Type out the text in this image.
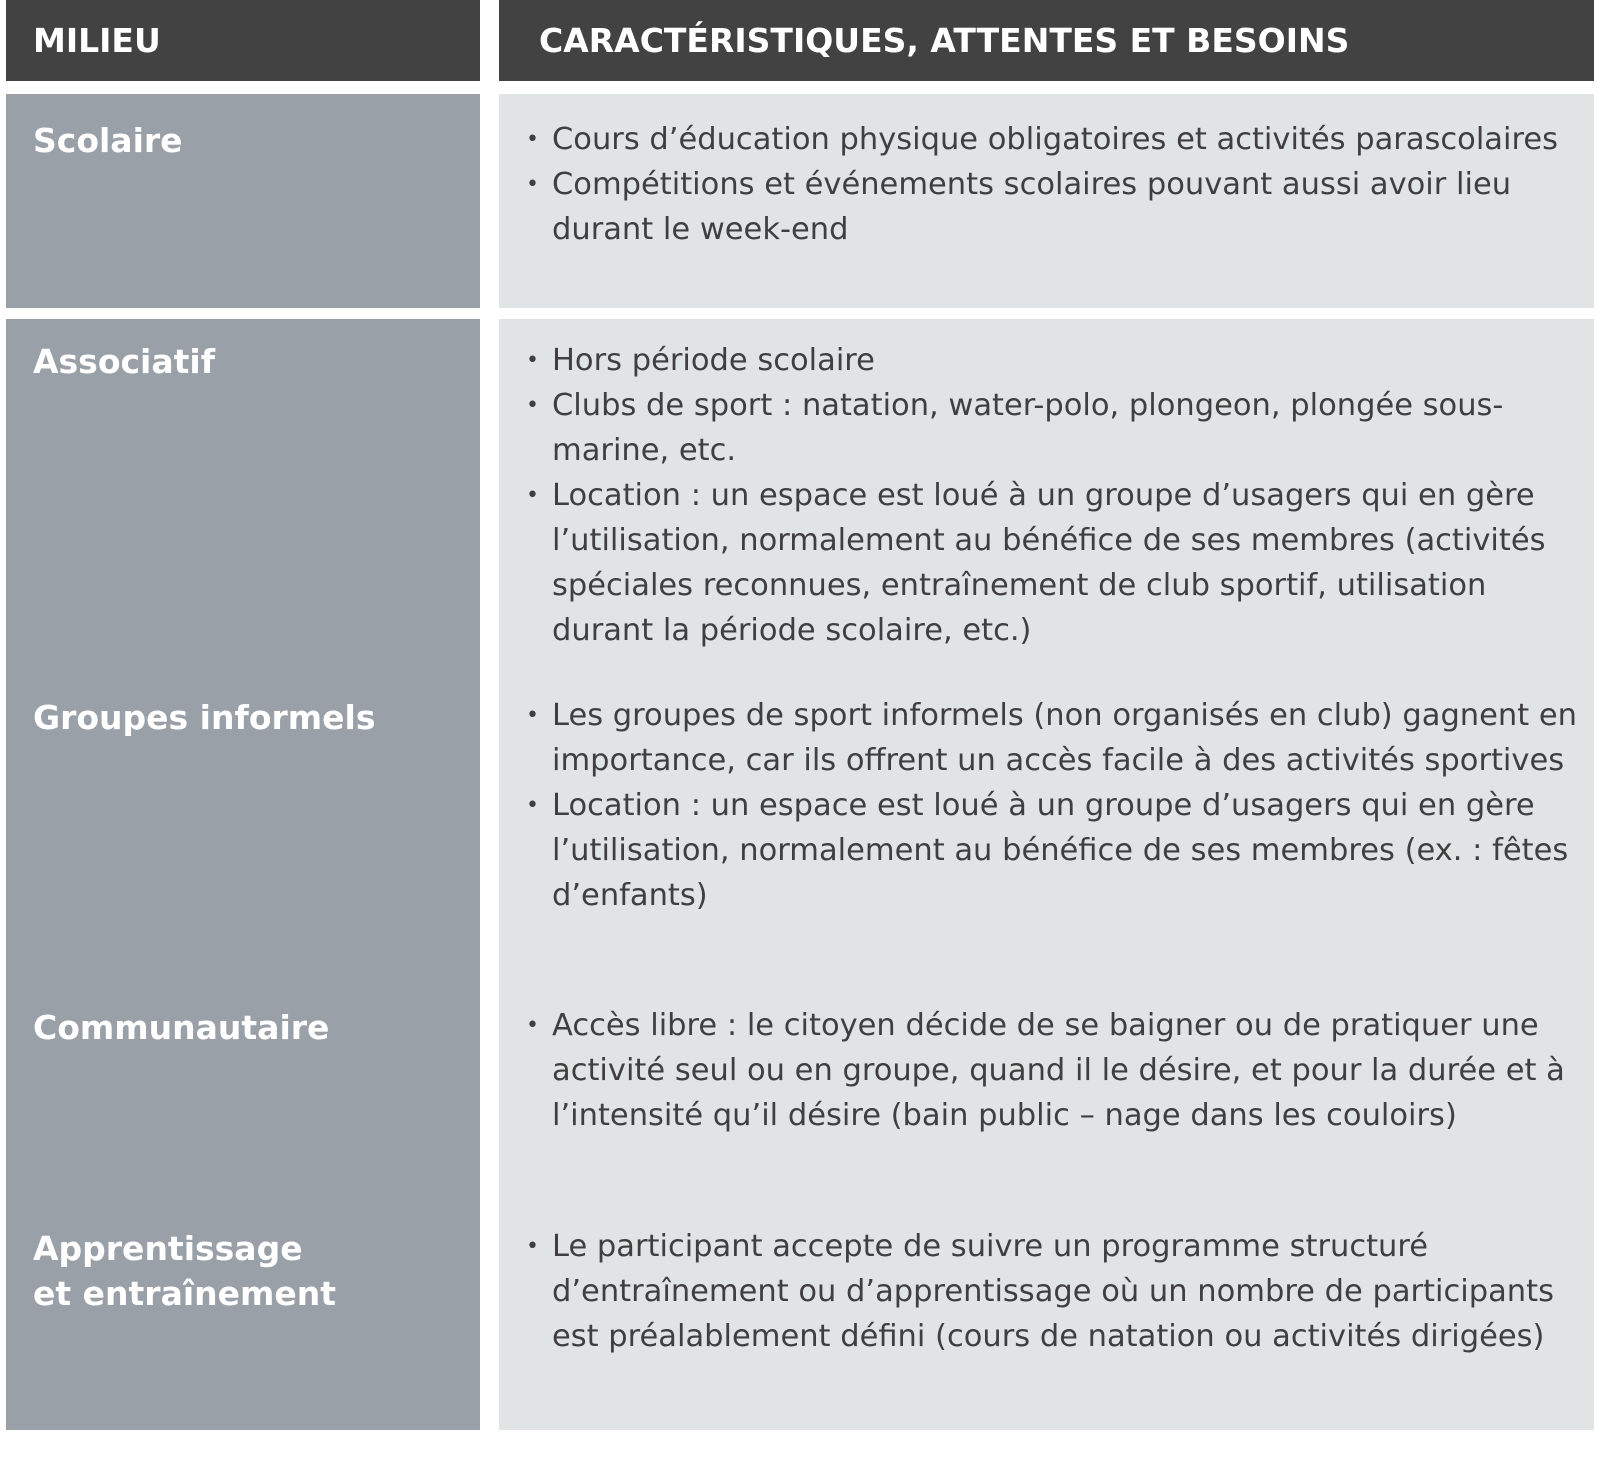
MILIEU	CARACTÉRISTIQUES, ATTENTES ET BESOINS
Scolaire
•	Cours d’éducation physique obligatoires et activités parascolaires
• Compétitions et événements scolaires pouvant aussi avoir lieu durant le week-end
Associatif
Groupes informels
Communautaire
Apprentissage
et entraînement
• Hors période scolaire
• Clubs de sport : natation, water-polo, plongeon, plongée sous-marine, etc.
• Location : un espace est loué à un groupe d’usagers qui en gère l’utilisation, normalement au bénéfice de ses membres (activités spéciales reconnues, entraînement de club sportif, utilisation durant la période scolaire, etc.)
• Les groupes de sport informels (non organisés en club) gagnent en importance, car ils offrent un accès facile à des activités sportives
• Location : un espace est loué à un groupe d’usagers qui en gère l’utilisation, normalement au bénéfice de ses membres (ex. : fêtes d’enfants)
• Accès libre : le citoyen décide de se baigner ou de pratiquer une activité seul ou en groupe, quand il le désire, et pour la durée et à l’intensité qu’il désire (bain public – nage dans les couloirs)
• Le participant accepte de suivre un programme structuré d’entraînement ou d’apprentissage où un nombre de participants est préalablement défini (cours de natation ou activités dirigées)
